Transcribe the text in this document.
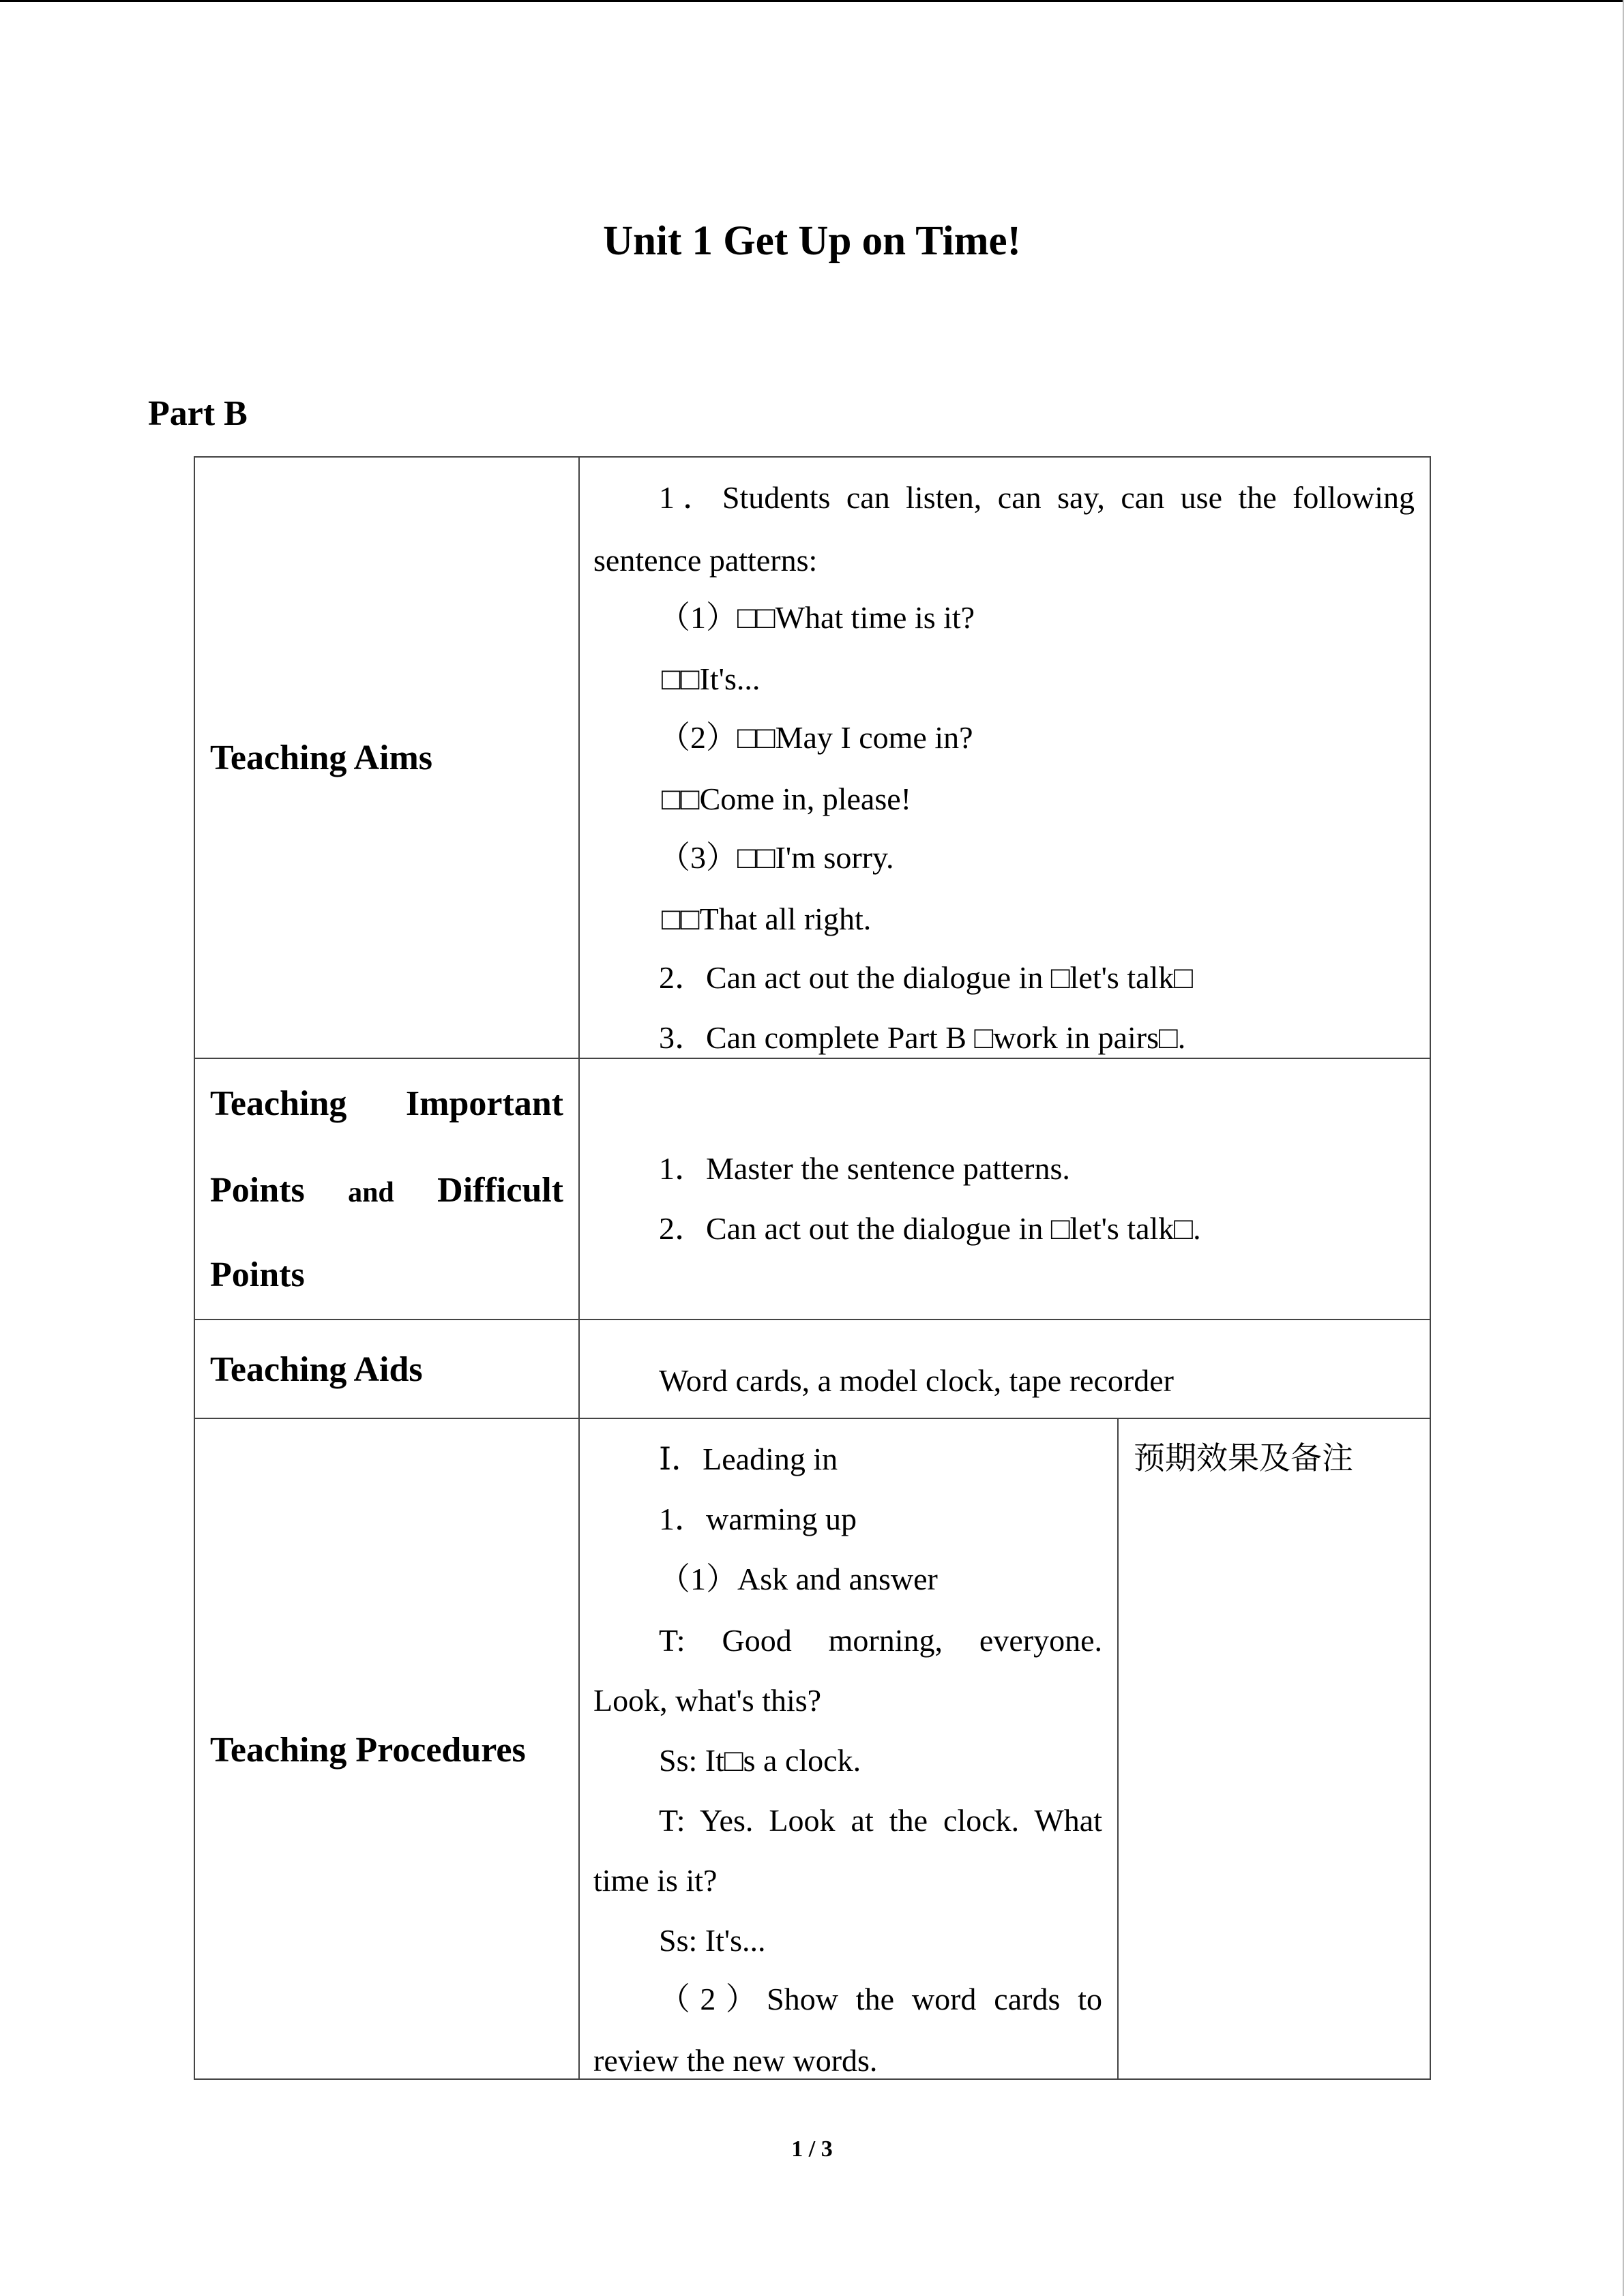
Unit 1 Get Up on Time!
Part B
Teaching Aims
1．Students can listen, can say, can use the following
sentence patterns:
（1）□□What time is it?
□□It's...
（2）□□May I come in?
□□Come in, please!
（3）□□I'm sorry.
□□That all right.
2．Can act out the dialogue in □let's talk□
3．Can complete Part B □work in pairs□.
Teaching Important
Points and Difficult
Points
1．Master the sentence patterns.
2．Can act out the dialogue in □let's talk□.
Teaching Aids	Word cards, a model clock, tape recorder
Teaching Procedures
Ⅰ．Leading in
1．warming up
（1）Ask and answer
T: Good morning, everyone.
Look, what's this?
Ss: It□s a clock.
T: Yes. Look at the clock. What
time is it?
Ss: It's...
（2）Show the word cards to
review the new words.
预期效果及备注
1 / 3
